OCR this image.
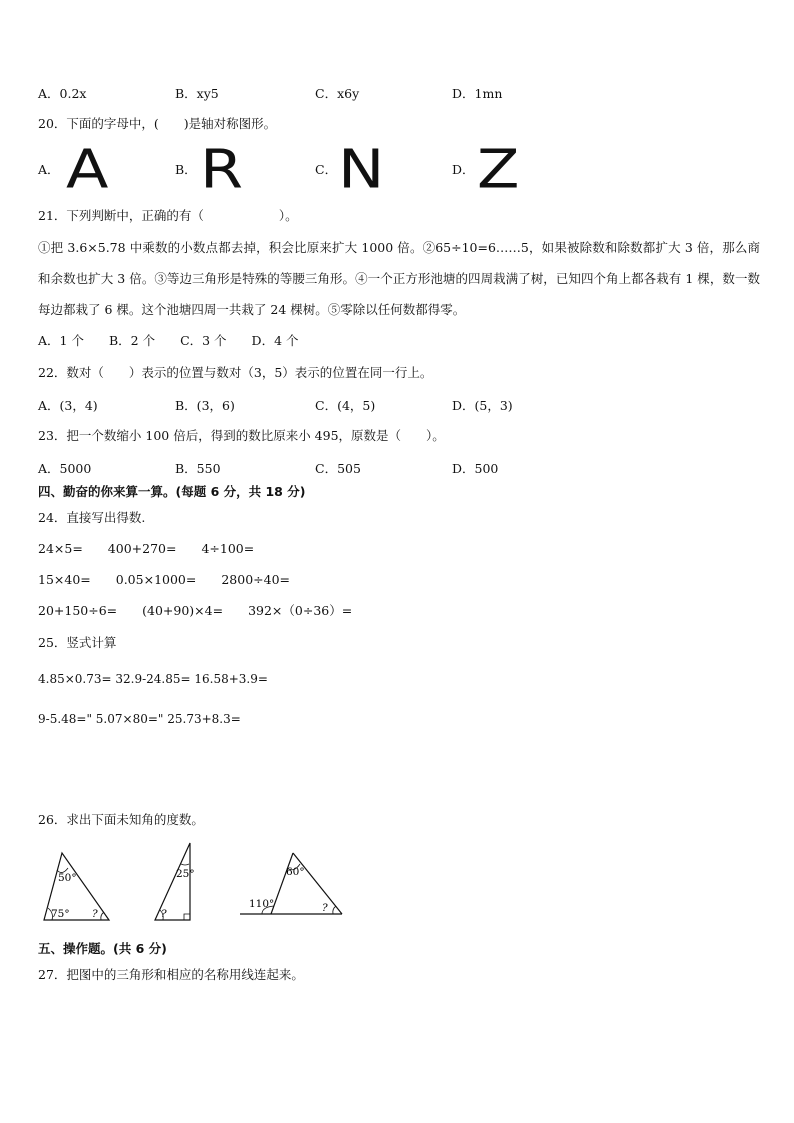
A．0.2x	B．xy5	C．x6y	D．1mn
20．下面的字母中，(　　)是轴对称图形。
A． A	B． R	C． N	D． Z
21．下列判断中，正确的有（　　　　　　）。
①把 3.6×5.78 中乘数的小数点都去掉，积会比原来扩大 1000 倍。②65÷10=6……5，如果被除数和除数都扩大 3 倍，那么商和余数也扩大 3 倍。③等边三角形是特殊的等腰三角形。④一个正方形池塘的四周栽满了树，已知四个角上都各栽有 1 棵，数一数每边都栽了 6 棵。这个池塘四周一共栽了 24 棵树。⑤零除以任何数都得零。
A．1 个　　B．2 个　　C．3 个　　D．4 个
22．数对（　　）表示的位置与数对（3，5）表示的位置在同一行上。
A．(3，4)	B．(3，6)	C．(4，5)	D．(5，3)
23．把一个数缩小 100 倍后，得到的数比原来小 495，原数是（　　）。
A．5000	B．550	C．505	D．500
四、勤奋的你来算一算。(每题 6 分，共 18 分)
24．直接写出得数.
24×5=　　400+270=　　4÷100=
15×40=　　0.05×1000=　　2800÷40=
20+150÷6=　　(40+90)×4=　　392×（0÷36）=
25．竖式计算
4.85×0.73= 32.9-24.85= 16.58+3.9=
9-5.48=" 5.07×80=" 25.73+8.3=
26．求出下面未知角的度数。
50°
75° ?
25°
?
60°
110°	?
五、操作题。(共 6 分)
27．把图中的三角形和相应的名称用线连起来。
